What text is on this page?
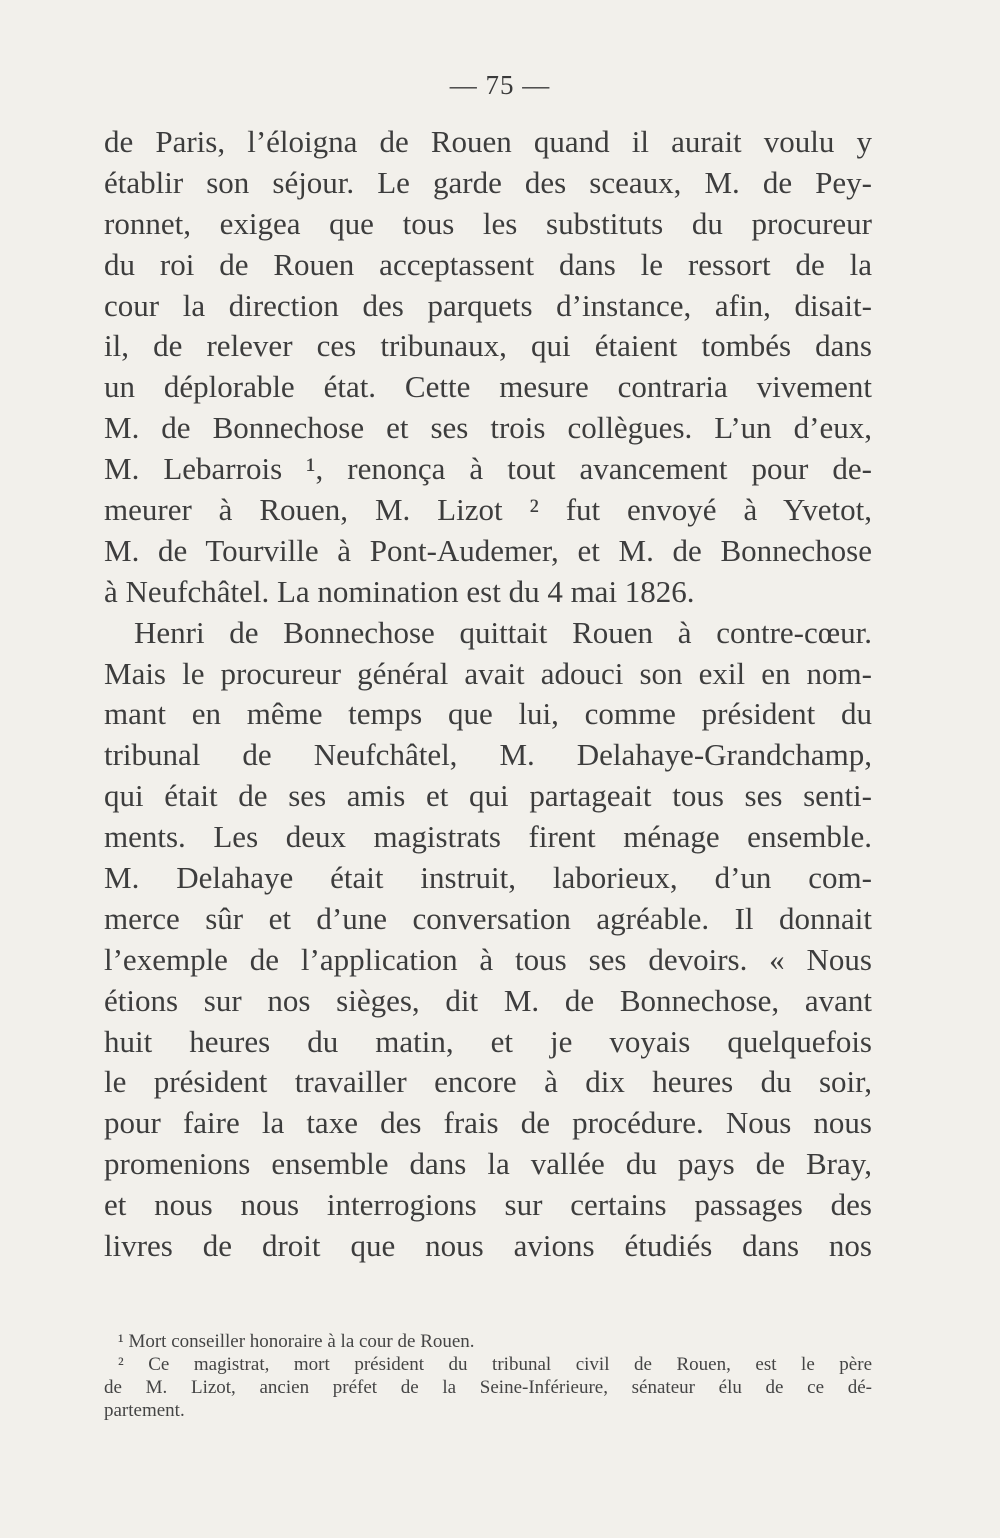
— 75 —
de Paris, l’éloigna de Rouen quand il aurait voulu y
établir son séjour. Le garde des sceaux, M. de Pey-
ronnet, exigea que tous les substituts du procureur
du roi de Rouen acceptassent dans le ressort de la
cour la direction des parquets d’instance, afin, disait-
il, de relever ces tribunaux, qui étaient tombés dans
un déplorable état. Cette mesure contraria vivement
M. de Bonnechose et ses trois collègues. L’un d’eux,
M. Lebarrois ¹, renonça à tout avancement pour de-
meurer à Rouen, M. Lizot ² fut envoyé à Yvetot,
M. de Tourville à Pont-Audemer, et M. de Bonnechose
à Neufchâtel. La nomination est du 4 mai 1826.
Henri de Bonnechose quittait Rouen à contre-cœur.
Mais le procureur général avait adouci son exil en nom-
mant en même temps que lui, comme président du
tribunal de Neufchâtel, M. Delahaye-Grandchamp,
qui était de ses amis et qui partageait tous ses senti-
ments. Les deux magistrats firent ménage ensemble.
M. Delahaye était instruit, laborieux, d’un com-
merce sûr et d’une conversation agréable. Il donnait
l’exemple de l’application à tous ses devoirs. « Nous
étions sur nos sièges, dit M. de Bonnechose, avant
huit heures du matin, et je voyais quelquefois
le président travailler encore à dix heures du soir,
pour faire la taxe des frais de procédure. Nous nous
promenions ensemble dans la vallée du pays de Bray,
et nous nous interrogions sur certains passages des
livres de droit que nous avions étudiés dans nos
¹ Mort conseiller honoraire à la cour de Rouen.
² Ce magistrat, mort président du tribunal civil de Rouen, est le père
de M. Lizot, ancien préfet de la Seine-Inférieure, sénateur élu de ce dé-
partement.
